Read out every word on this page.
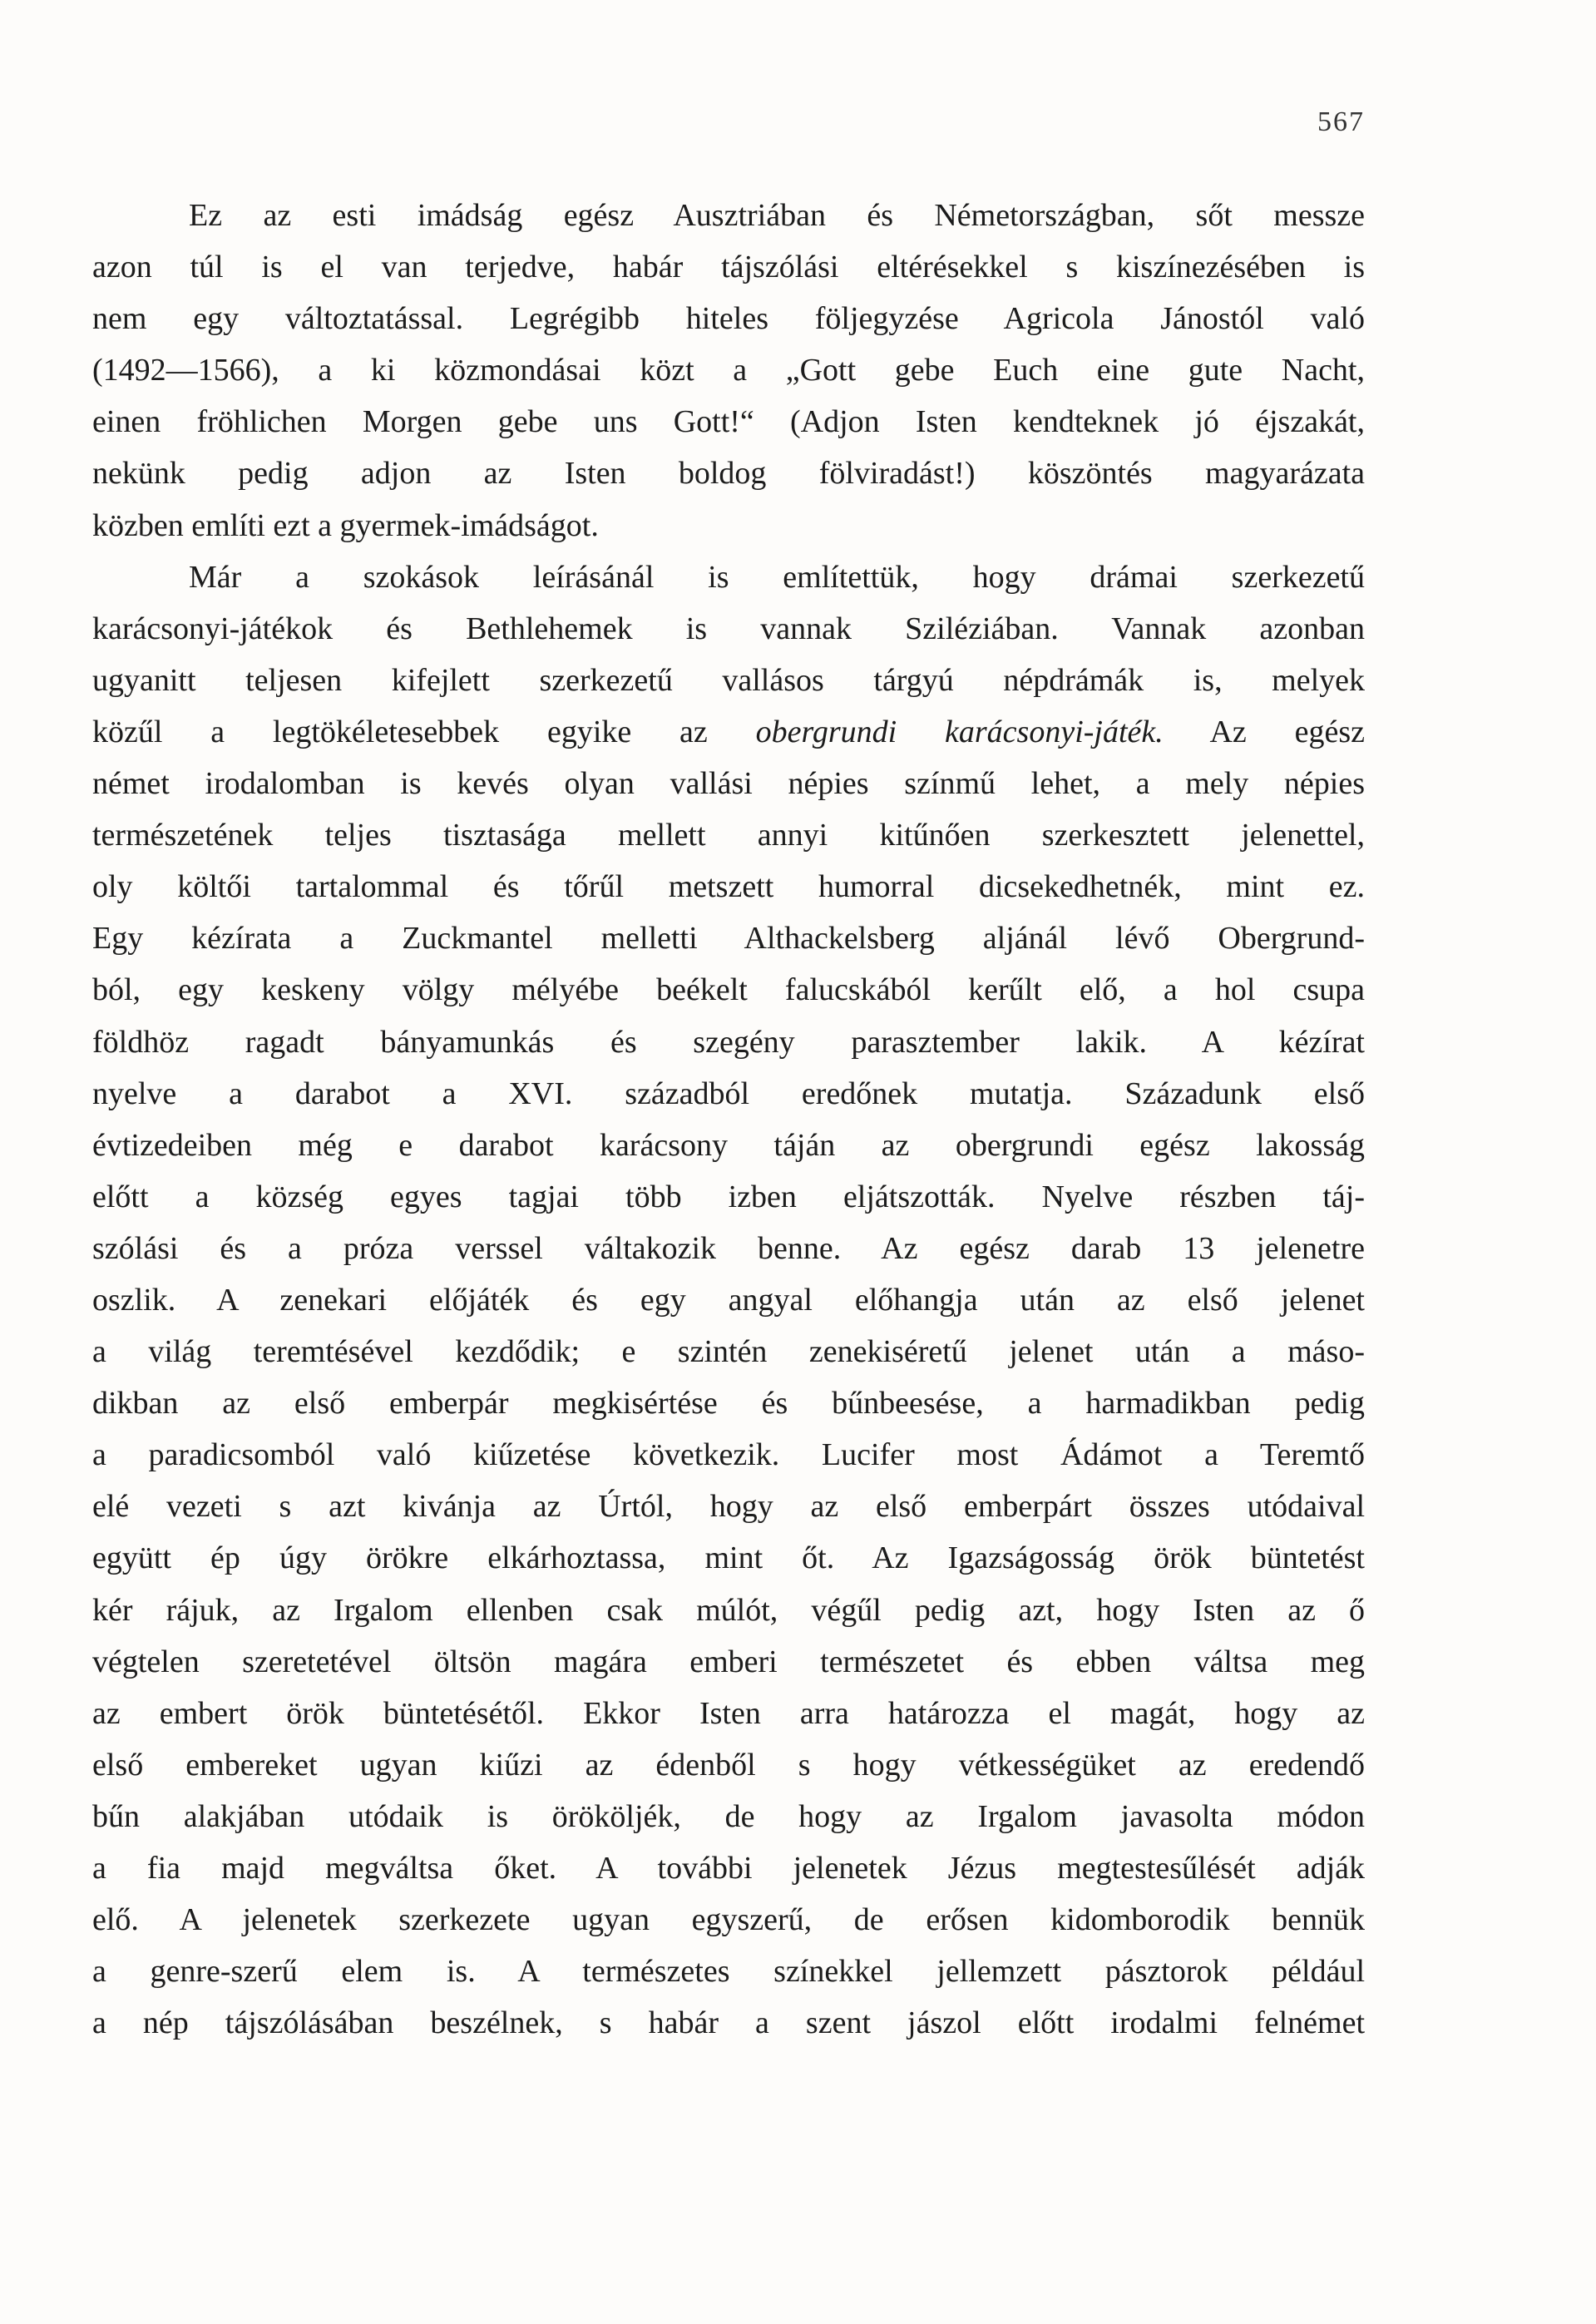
567
Ez az esti imádság egész Ausztriában és Németországban, sőt messze
azon túl is el van terjedve, habár tájszólási eltérésekkel s kiszínezésében is
nem egy változtatással. Legrégibb hiteles följegyzése Agricola Jánostól való
(1492—1566), a ki közmondásai közt a „Gott gebe Euch eine gute Nacht,
einen fröhlichen Morgen gebe uns Gott!“ (Adjon Isten kendteknek jó éjszakát,
nekünk pedig adjon az Isten boldog fölviradást!) köszöntés magyarázata
közben említi ezt a gyermek-imádságot.
Már a szokások leírásánál is említettük, hogy drámai szerkezetű
karácsonyi-játékok és Bethlehemek is vannak Sziléziában. Vannak azonban
ugyanitt teljesen kifejlett szerkezetű vallásos tárgyú népdrámák is, melyek
közűl a legtökéletesebbek egyike az obergrundi karácsonyi-játék. Az egész
német irodalomban is kevés olyan vallási népies színmű lehet, a mely népies
természetének teljes tisztasága mellett annyi kitűnően szerkesztett jelenettel,
oly költői tartalommal és tőrűl metszett humorral dicsekedhetnék, mint ez.
Egy kézírata a Zuckmantel melletti Althackelsberg aljánál lévő Obergrund-
ból, egy keskeny völgy mélyébe beékelt falucskából kerűlt elő, a hol csupa
földhöz ragadt bányamunkás és szegény parasztember lakik. A kézírat
nyelve a darabot a XVI. századból eredőnek mutatja. Századunk első
évtizedeiben még e darabot karácsony táján az obergrundi egész lakosság
előtt a község egyes tagjai több izben eljátszották. Nyelve részben táj-
szólási és a próza verssel váltakozik benne. Az egész darab 13 jelenetre
oszlik. A zenekari előjáték és egy angyal előhangja után az első jelenet
a világ teremtésével kezdődik; e szintén zenekiséretű jelenet után a máso-
dikban az első emberpár megkisértése és bűnbeesése, a harmadikban pedig
a paradicsomból való kiűzetése következik. Lucifer most Ádámot a Teremtő
elé vezeti s azt kivánja az Úrtól, hogy az első emberpárt összes utódaival
együtt ép úgy örökre elkárhoztassa, mint őt. Az Igazságosság örök büntetést
kér rájuk, az Irgalom ellenben csak múlót, végűl pedig azt, hogy Isten az ő
végtelen szeretetével öltsön magára emberi természetet és ebben váltsa meg
az embert örök büntetésétől. Ekkor Isten arra határozza el magát, hogy az
első embereket ugyan kiűzi az édenből s hogy vétkességüket az eredendő
bűn alakjában utódaik is örököljék, de hogy az Irgalom javasolta módon
a fia majd megváltsa őket. A további jelenetek Jézus megtestesűlését adják
elő. A jelenetek szerkezete ugyan egyszerű, de erősen kidomborodik bennük
a genre-szerű elem is. A természetes színekkel jellemzett pásztorok például
a nép tájszólásában beszélnek, s habár a szent jászol előtt irodalmi felnémet
